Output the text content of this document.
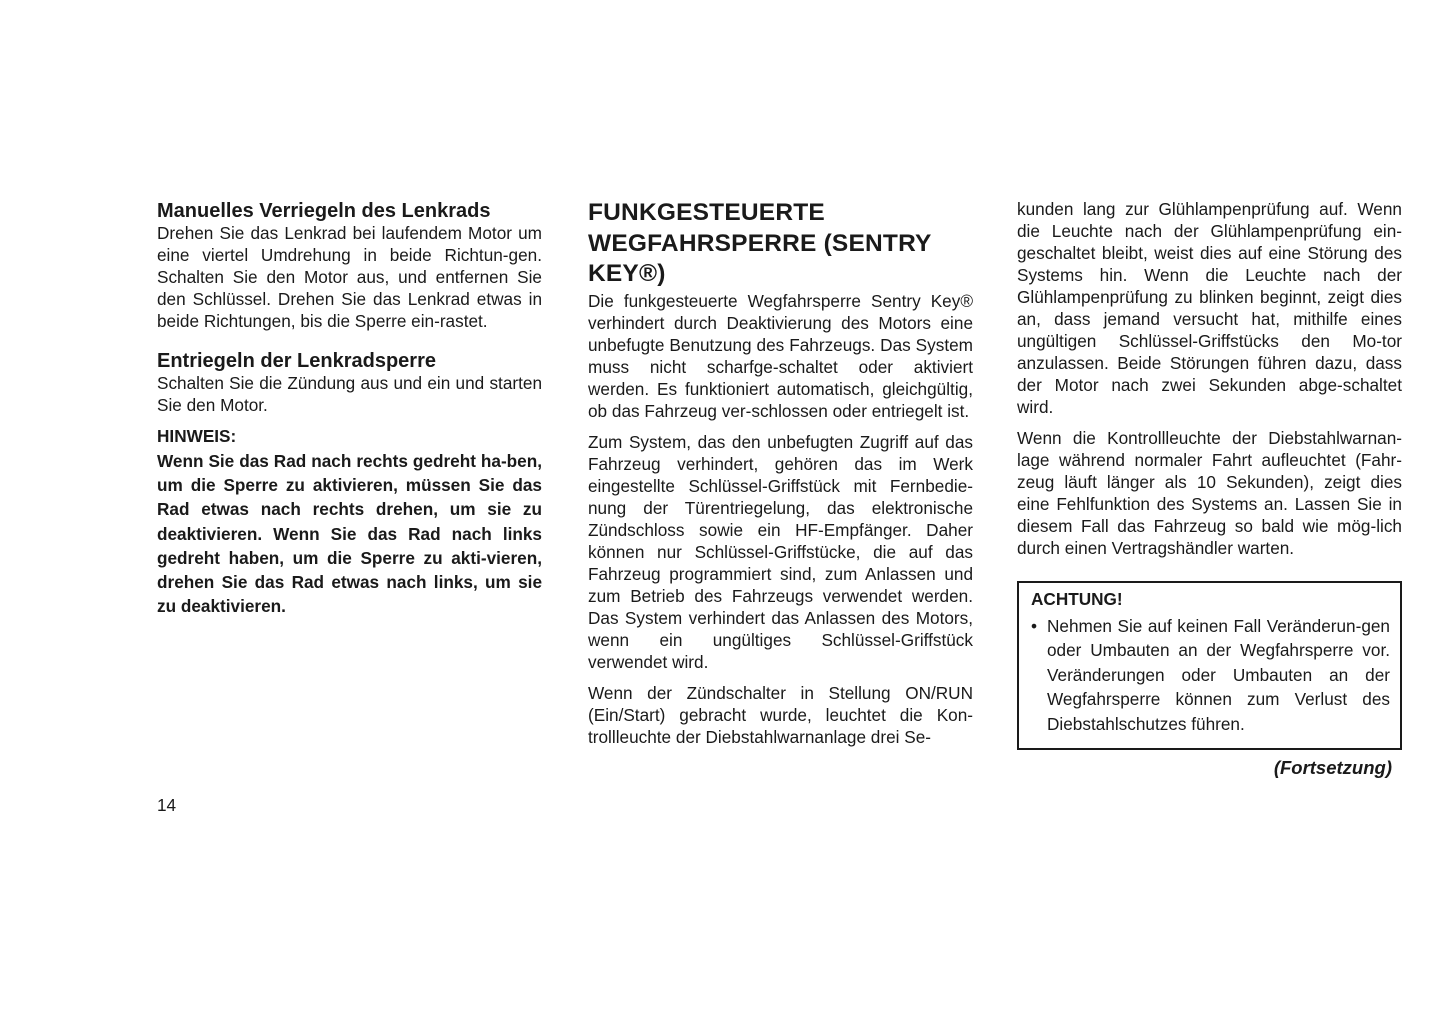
Manuelles Verriegeln des Lenkrads

Drehen Sie das Lenkrad bei laufendem Motor um eine viertel Umdrehung in beide Richtun-gen. Schalten Sie den Motor aus, und entfernen Sie den Schlüssel. Drehen Sie das Lenkrad etwas in beide Richtungen, bis die Sperre ein-rastet.

Entriegeln der Lenkradsperre

Schalten Sie die Zündung aus und ein und starten Sie den Motor.

HINWEIS:

Wenn Sie das Rad nach rechts gedreht ha-ben, um die Sperre zu aktivieren, müssen Sie das Rad etwas nach rechts drehen, um sie zu deaktivieren. Wenn Sie das Rad nach links gedreht haben, um die Sperre zu akti-vieren, drehen Sie das Rad etwas nach links, um sie zu deaktivieren.

FUNKGESTEUERTE WEGFAHRSPERRE (SENTRY KEY®)

Die funkgesteuerte Wegfahrsperre Sentry Key® verhindert durch Deaktivierung des Motors eine unbefugte Benutzung des Fahrzeugs. Das System muss nicht scharfge-schaltet oder aktiviert werden. Es funktioniert automatisch, gleichgültig, ob das Fahrzeug ver-schlossen oder entriegelt ist.

Zum System, das den unbefugten Zugriff auf das Fahrzeug verhindert, gehören das im Werk eingestellte Schlüssel-Griffstück mit Fernbedie-nung der Türentriegelung, das elektronische Zündschloss sowie ein HF-Empfänger. Daher können nur Schlüssel-Griffstücke, die auf das Fahrzeug programmiert sind, zum Anlassen und zum Betrieb des Fahrzeugs verwendet werden. Das System verhindert das Anlassen des Motors, wenn ein ungültiges Schlüssel-Griffstück verwendet wird.

Wenn der Zündschalter in Stellung ON/RUN (Ein/Start) gebracht wurde, leuchtet die Kon-trollleuchte der Diebstahlwarnanlage drei Se-

kunden lang zur Glühlampenprüfung auf. Wenn die Leuchte nach der Glühlampenprüfung ein-geschaltet bleibt, weist dies auf eine Störung des Systems hin. Wenn die Leuchte nach der Glühlampenprüfung zu blinken beginnt, zeigt dies an, dass jemand versucht hat, mithilfe eines ungültigen Schlüssel-Griffstücks den Mo-tor anzulassen. Beide Störungen führen dazu, dass der Motor nach zwei Sekunden abge-schaltet wird.

Wenn die Kontrollleuchte der Diebstahlwarnan-lage während normaler Fahrt aufleuchtet (Fahr-zeug läuft länger als 10 Sekunden), zeigt dies eine Fehlfunktion des Systems an. Lassen Sie in diesem Fall das Fahrzeug so bald wie mög-lich durch einen Vertragshändler warten.

ACHTUNG!

• Nehmen Sie auf keinen Fall Veränderun-gen oder Umbauten an der Wegfahrsperre vor. Veränderungen oder Umbauten an der Wegfahrsperre können zum Verlust des Diebstahlschutzes führen.

(Fortsetzung)

14
